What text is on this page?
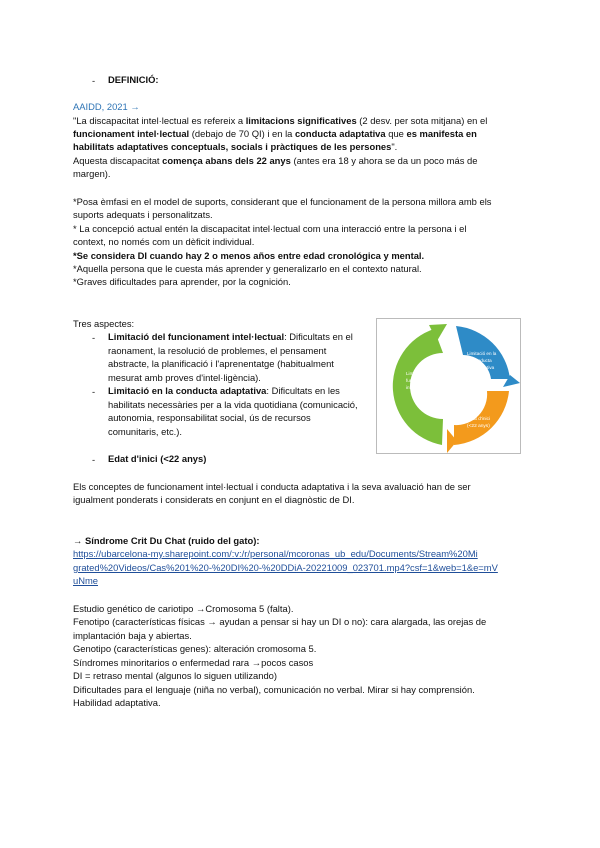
- DEFINICIÓ:
AAIDD, 2021 →
"La discapacitat intel·lectual es refereix a limitacions significatives (2 desv. per sota mitjana) en el
funcionament intel·lectual (debajo de 70 QI) i en la conducta adaptativa que es manifesta en
habilitats adaptatives conceptuals, socials i pràctiques de les persones".
Aquesta discapacitat comença abans dels 22 anys (antes era 18 y ahora se da un poco más de
margen).
*Posa èmfasi en el model de suports, considerant que el funcionament de la persona millora amb els
suports adequats i personalitzats.
* La concepció actual entén la discapacitat intel·lectual com una interacció entre la persona i el
context, no només com un dèficit individual.
*Se considera DI cuando hay 2 o menos años entre edad cronológica y mental.
*Aquella persona que le cuesta más aprender y generalizarlo en el contexto natural.
*Graves dificultades para aprender, por la cognición.
Tres aspectes:
- Limitació del funcionament intel·lectual: Dificultats en el
raonament, la resolució de problemes, el pensament
abstracte, la planificació i l'aprenentatge (habitualment
mesurat amb proves d'intel·ligència).
- Limitació en la conducta adaptativa: Dificultats en les
habilitats necessàries per a la vida quotidiana (comunicació,
autonomia, responsabilitat social, ús de recursos
comunitaris, etc.).
- Edat d'inici (<22 anys)
Limitació del
funcionament
intel·lectual
Limitació en la
conducta
adaptativa
Edat d'inici
(<22 anys)
Els conceptes de funcionament intel·lectual i conducta adaptativa i la seva avaluació han de ser
igualment ponderats i considerats en conjunt en el diagnòstic de DI.
→ Síndrome Crit Du Chat (ruido del gato):
https://ubarcelona-my.sharepoint.com/:v:/r/personal/mcoronas_ub_edu/Documents/Stream%20Mi
grated%20Videos/Cas%201%20-%20DI%20-%20DDiA-20221009_023701.mp4?csf=1&web=1&e=mV
uNme
Estudio genético de cariotipo →Cromosoma 5 (falta).
Fenotipo (características físicas → ayudan a pensar si hay un DI o no): cara alargada, las orejas de
implantación baja y abiertas.
Genotipo (características genes): alteración cromosoma 5.
Síndromes minoritarios o enfermedad rara →pocos casos
DI = retraso mental (algunos lo siguen utilizando)
Dificultades para el lenguaje (niña no verbal), comunicación no verbal. Mirar si hay comprensión.
Habilidad adaptativa.
